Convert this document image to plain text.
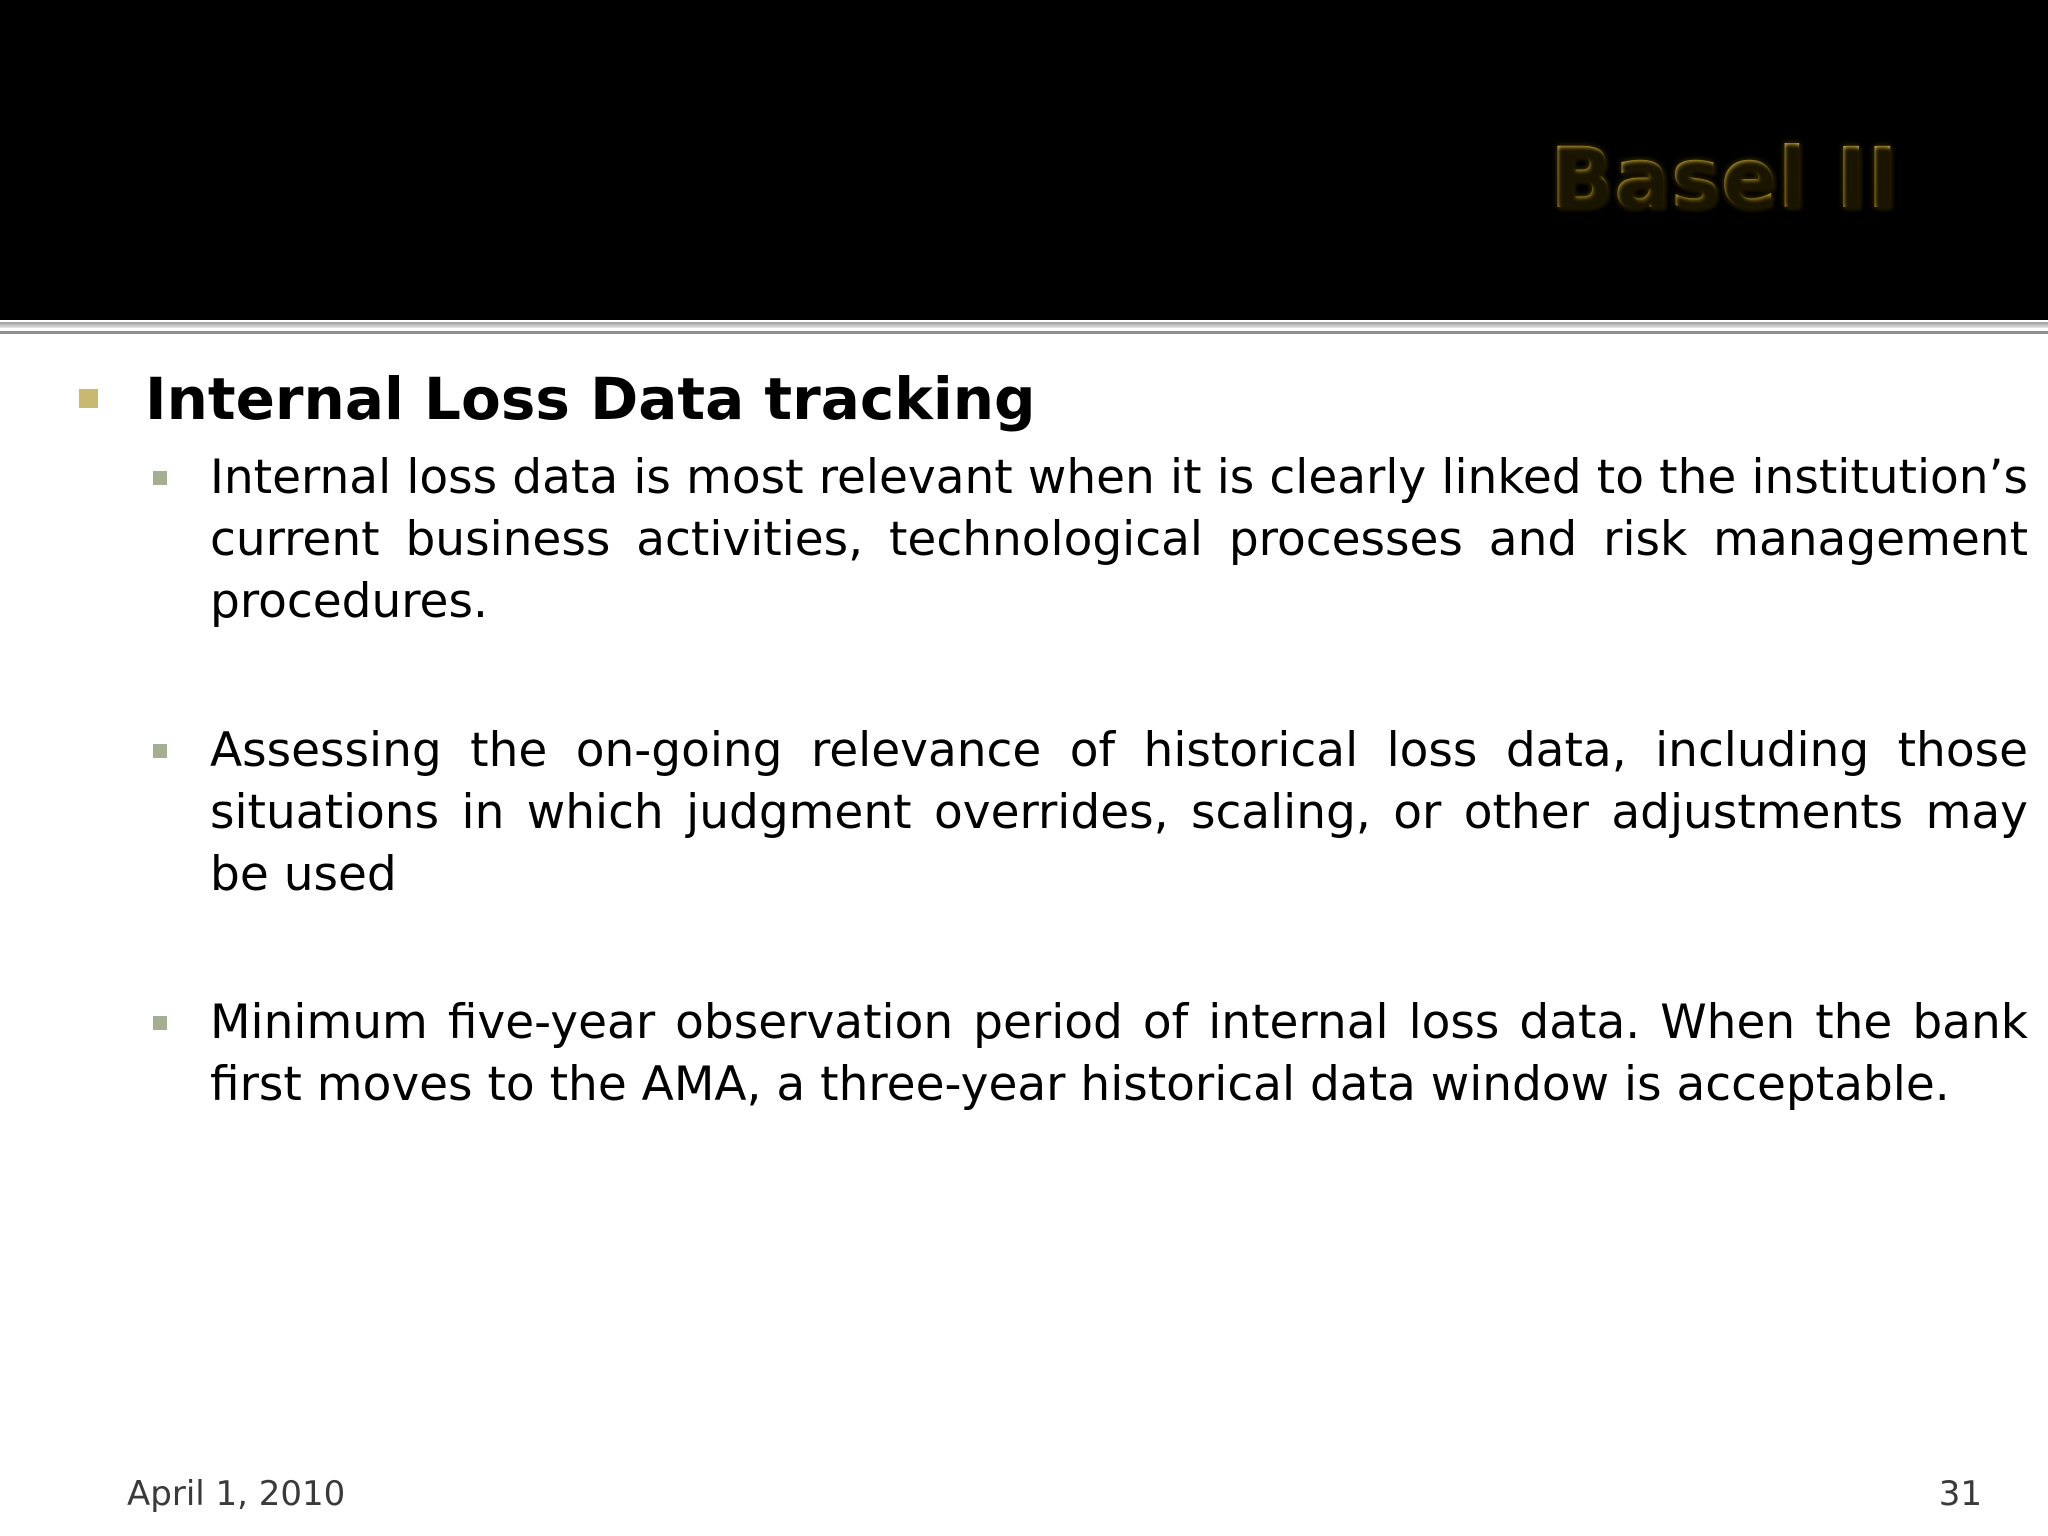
Basel II
Internal Loss Data tracking
Internal loss data is most relevant when it is clearly linked to the institution’s current business activities, technological processes and risk management procedures.
Assessing the on-going relevance of historical loss data, including those situations in which judgment overrides, scaling, or other adjustments may be used
Minimum five-year observation period of internal loss data. When the bank first moves to the AMA, a three-year historical data window is acceptable.
April 1, 2010	31
